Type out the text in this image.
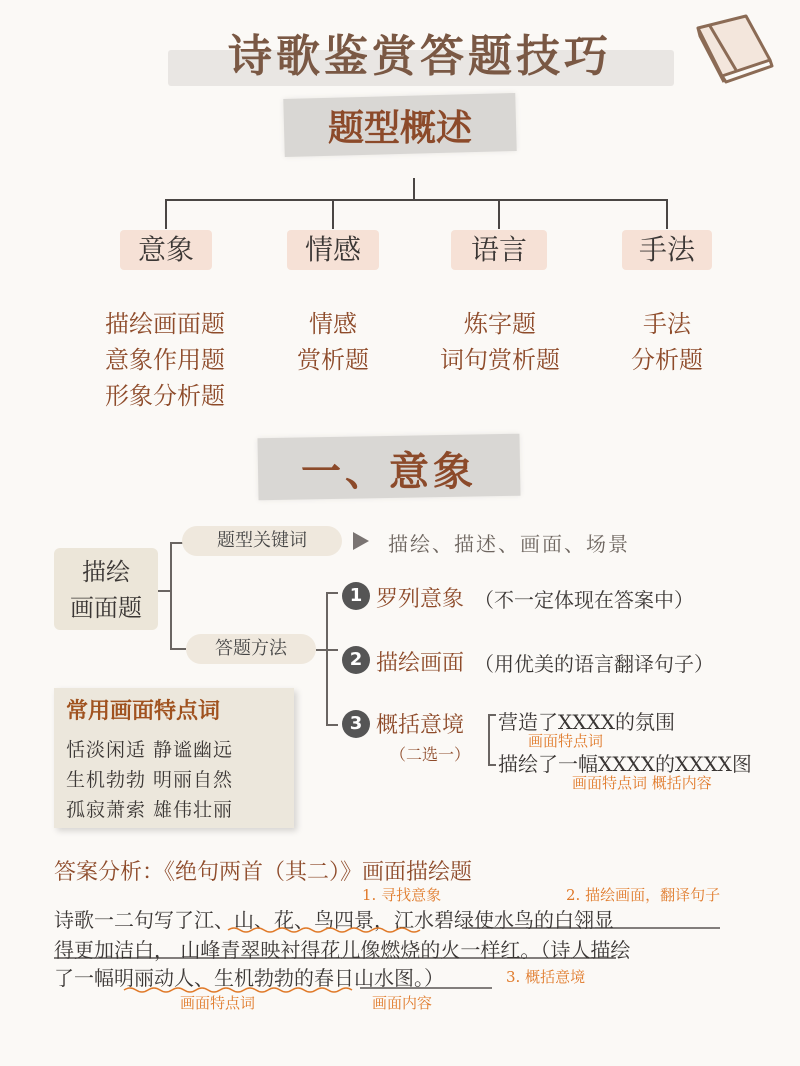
诗歌鉴赏答题技巧
题型概述
意象	情感	语言	手法
描绘画面题
意象作用题
形象分析题
情感
赏析题
炼字题
词句赏析题
手法
分析题
一、意象
描绘
画面题
题型关键词	描绘、描述、画面、场景
答题方法
1 罗列意象 （不一定体现在答案中）
2 描绘画面 （用优美的语言翻译句子）
3 概括意境
（二选一）
营造了XXXX的氛围
画面特点词
描绘了一幅XXXX的XXXX图
画面特点词 概括内容
常用画面特点词
恬淡闲适 静谧幽远
生机勃勃 明丽自然
孤寂萧索 雄伟壮丽
答案分析：《绝句两首（其二）》画面描绘题
1. 寻找意象	2. 描绘画面，翻译句子
诗歌一二句写了江、山、花、鸟四景，江水碧绿使水鸟的白翎显
得更加洁白， 山峰青翠映衬得花儿像燃烧的火一样红。（诗人描绘
了一幅明丽动人、生机勃勃的春日山水图。）	3. 概括意境
画面特点词	画面内容
